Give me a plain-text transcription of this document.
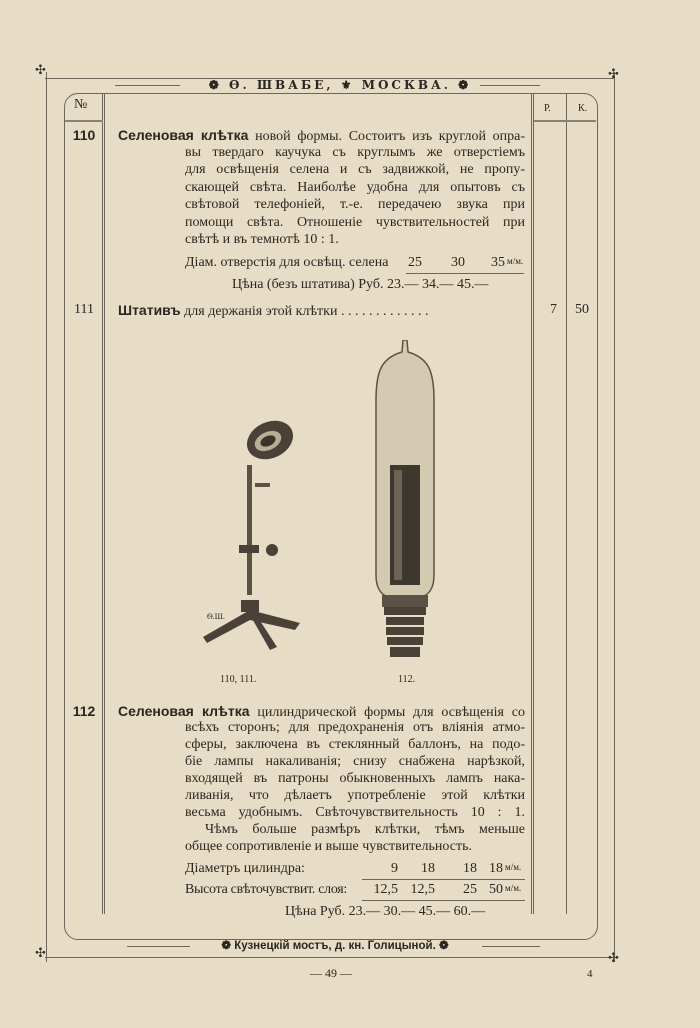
✣	✣
✣	✣
❁ Ѳ. ШВАБЕ, ⚜ МОСКВА. ❁
№	Р.	К.
110	Селеновая клѣтка новой формы. Состоитъ изъ круглой опра-
вы твердаго каучука съ круглымъ же отверстіемъ
для освѣщенія селена и съ задвижкой, не пропу-
скающей свѣта. Наиболѣе удобна для опытовъ съ
свѣтовой телефоніей, т.-е. передачею звука при
помощи свѣта. Отношеніе чувствительностей при
свѣтѣ и въ темнотѣ 10 : 1.
Діам. отверстія для освѣщ. селена	25	30	35 м/м.
Цѣна (безъ штатива) Руб. 23.— 34.— 45.—
111	Штативъ для держанія этой клѣтки . . . . . . . . . . . . .	7 50
Ѳ.Ш.
110, 111.	112.
112	Селеновая клѣтка цилиндрической формы для освѣщенія со
всѣхъ сторонъ; для предохраненія отъ вліянія атмо-
сферы, заключена въ стеклянный баллонъ, на подо-
біе лампы накаливанія; снизу снабжена нарѣзкой,
входящей въ патроны обыкновенныхъ лампъ нака-
ливанія, что дѣлаетъ употребленіе этой клѣтки
весьма удобнымъ. Свѣточувствительность 10 : 1.
Чѣмъ больше размѣръ клѣтки, тѣмъ меньше
общее сопротивленіе и выше чувствительность.
Діаметръ цилиндра:	9	18	18 18 м/м.
Высота свѣточувствит. слоя:	12,5 12,5	25 50 м/м.
Цѣна Руб. 23.— 30.— 45.— 60.—
❁ Кузнецкій мостъ, д. кн. Голицыной. ❁
— 49 —	4
